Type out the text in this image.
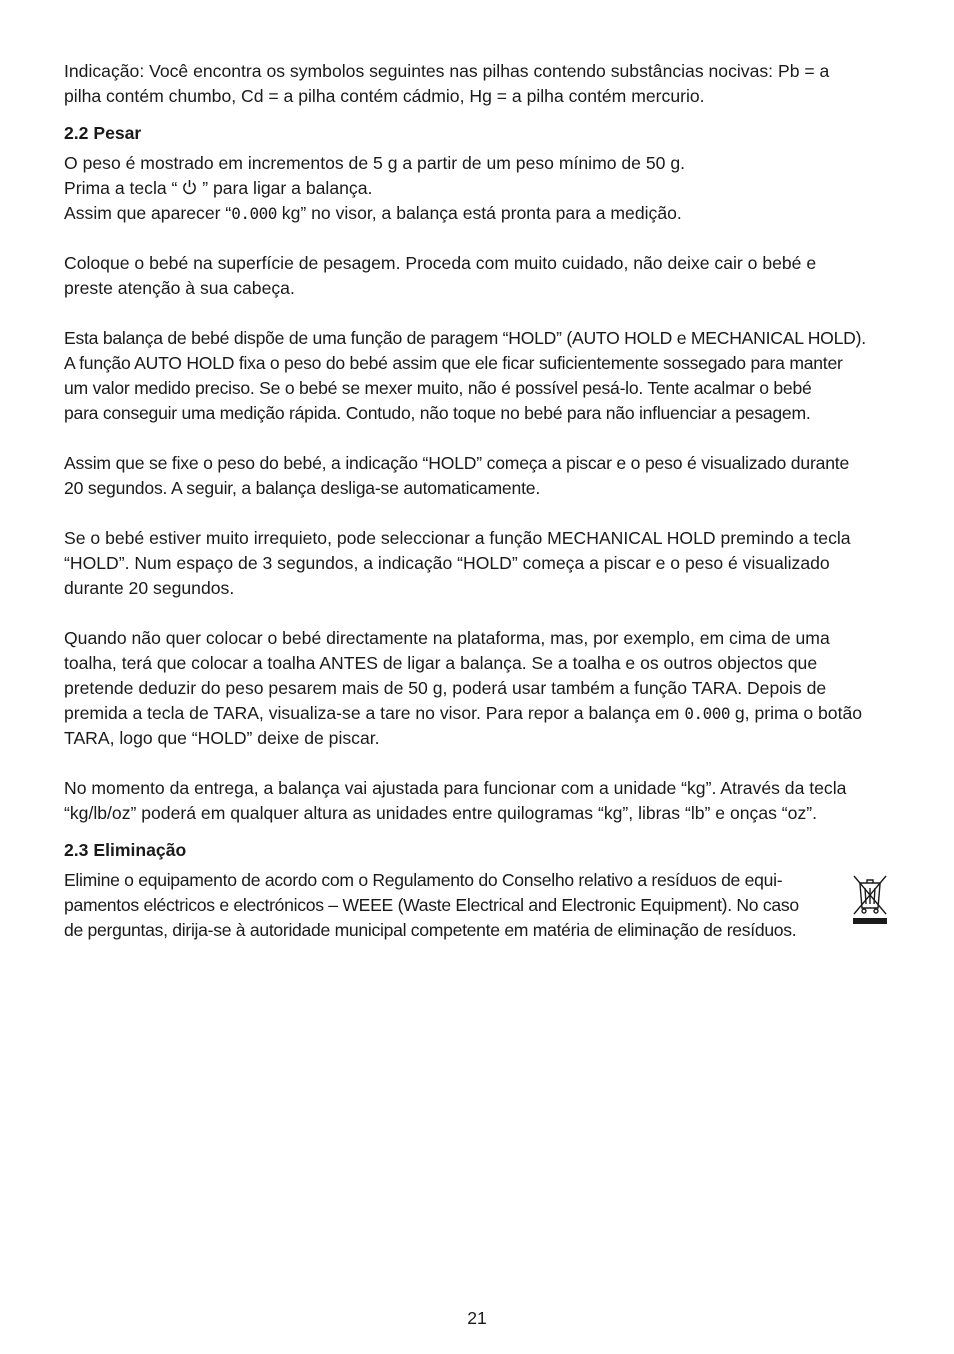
Indicação: Você encontra os symbolos seguintes nas pilhas contendo substâncias nocivas: Pb = a
pilha contém chumbo, Cd = a pilha contém cádmio, Hg = a pilha contém mercurio.

2.2 Pesar

O peso é mostrado em incrementos de 5 g a partir de um peso mínimo de 50 g.
Prima a tecla “  ” para ligar a balança.
Assim que aparecer “0.000 kg” no visor, a balança está pronta para a medição.

Coloque o bebé na superfície de pesagem. Proceda com muito cuidado, não deixe cair o bebé e
preste atenção à sua cabeça.

Esta balança de bebé dispõe de uma função de paragem “HOLD” (AUTO HOLD e MECHANICAL HOLD).
A função AUTO HOLD fixa o peso do bebé assim que ele ficar suficientemente sossegado para manter
um valor medido preciso. Se o bebé se mexer muito, não é possível pesá-lo. Tente acalmar o bebé
para conseguir uma medição rápida. Contudo, não toque no bebé para não influenciar a pesagem.

Assim que se fixe o peso do bebé, a indicação “HOLD” começa a piscar e o peso é visualizado durante
20 segundos. A seguir, a balança desliga-se automaticamente.

Se o bebé estiver muito irrequieto, pode seleccionar a função MECHANICAL HOLD premindo a tecla
“HOLD”. Num espaço de 3 segundos, a indicação “HOLD” começa a piscar e o peso é visualizado
durante 20 segundos.

Quando não quer colocar o bebé directamente na plataforma, mas, por exemplo, em cima de uma
toalha, terá que colocar a toalha ANTES de ligar a balança. Se a toalha e os outros objectos que
pretende deduzir do peso pesarem mais de 50 g, poderá usar também a função TARA. Depois de
premida a tecla de TARA, visualiza-se a tare no visor. Para repor a balança em 0.000 g, prima o botão
TARA, logo que “HOLD” deixe de piscar.

No momento da entrega, a balança vai ajustada para funcionar com a unidade “kg”. Através da tecla
“kg/lb/oz” poderá em qualquer altura as unidades entre quilogramas “kg”, libras “lb” e onças “oz”.

2.3 Eliminação

Elimine o equipamento de acordo com o Regulamento do Conselho relativo a resíduos de equi-
pamentos eléctricos e electrónicos – WEEE (Waste Electrical and Electronic Equipment). No caso
de perguntas, dirija-se à autoridade municipal competente em matéria de eliminação de resíduos.

21
